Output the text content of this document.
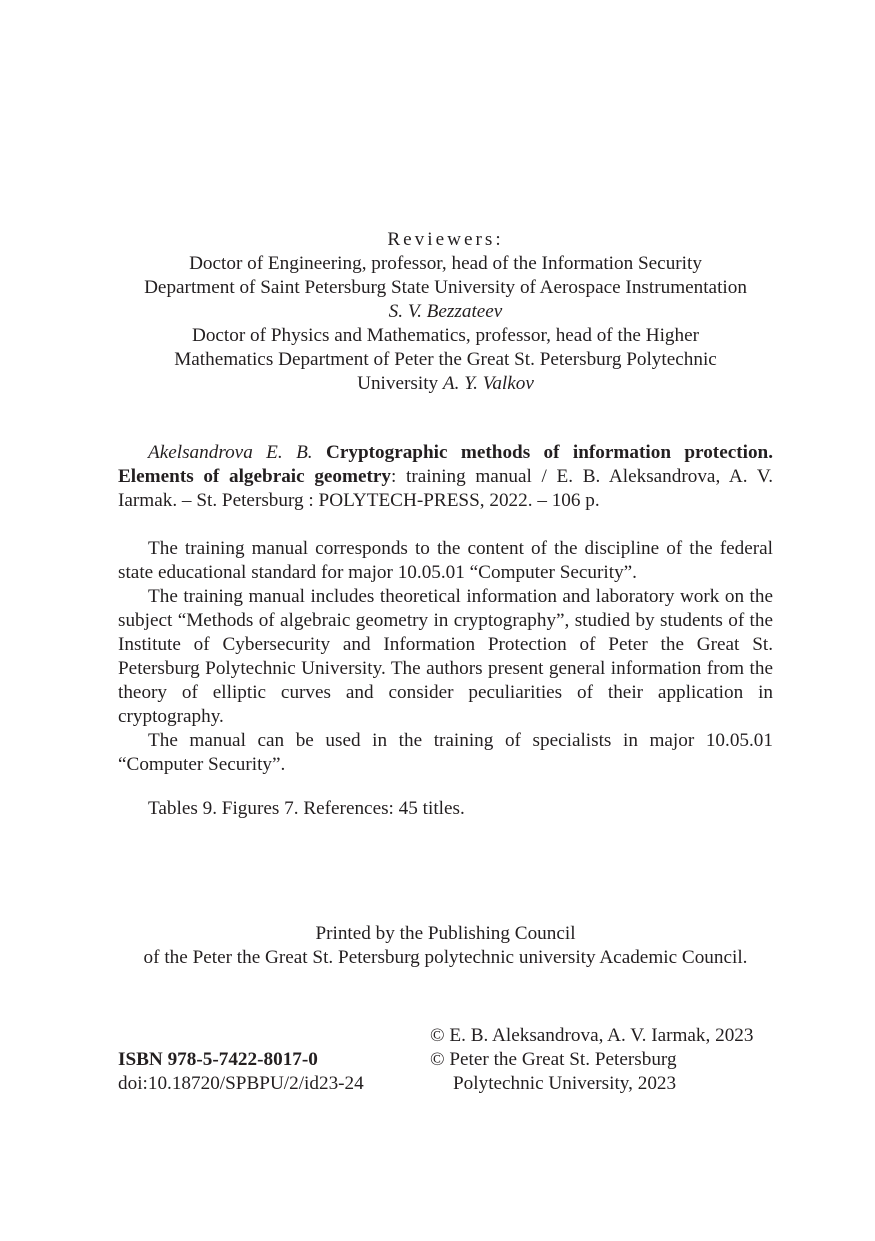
Reviewers:
Doctor of Engineering, professor, head of the Information Security
Department of Saint Petersburg State University of Aerospace Instrumentation
S. V. Bezzateev
Doctor of Physics and Mathematics, professor, head of the Higher
Mathematics Department of Peter the Great St. Petersburg Polytechnic
University A. Y. Valkov

Akelsandrova E. B. Cryptographic methods of information protection. Elements of algebraic geometry: training manual / E. B. Aleksandrova, A. V. Iarmak. – St. Petersburg : POLYTECH-PRESS, 2022. – 106 p.

The training manual corresponds to the content of the discipline of the federal state educational standard for major 10.05.01 “Computer Security”.

The training manual includes theoretical information and laboratory work on the subject “Methods of algebraic geometry in cryptography”, studied by students of the Institute of Cybersecurity and Information Protection of Peter the Great St. Petersburg Polytechnic University. The authors present general information from the theory of elliptic curves and consider peculiarities of their application in cryptography.

The manual can be used in the training of specialists in major 10.05.01 “Computer Security”.

Tables 9. Figures 7. References: 45 titles.

Printed by the Publishing Council
of the Peter the Great St. Petersburg polytechnic university Academic Council.
ISBN 978-5-7422-8017-0
doi:10.18720/SPBPU/2/id23-24
© E. B. Aleksandrova, A. V. Iarmak, 2023
© Peter the Great St. Petersburg
Polytechnic University, 2023
